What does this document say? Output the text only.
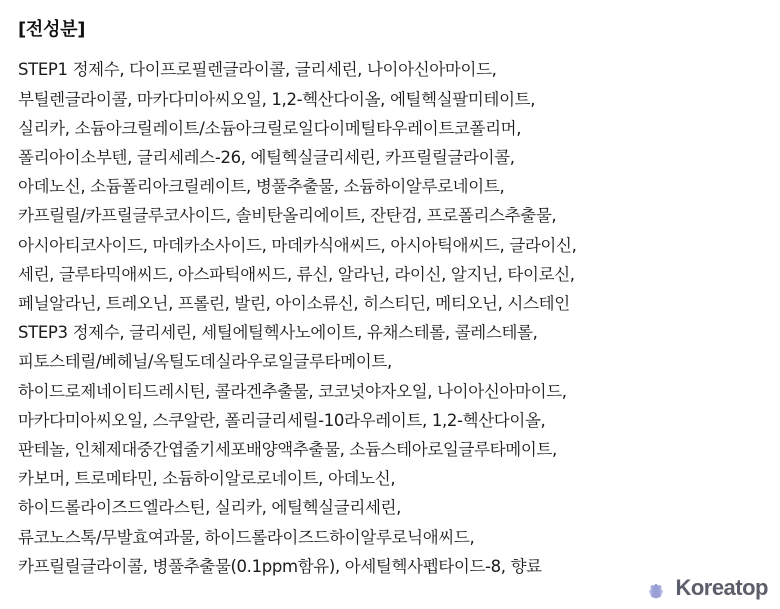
[전성분]
STEP1 정제수, 다이프로필렌글라이콜, 글리세린, 나이아신아마이드,
부틸렌글라이콜, 마카다미아씨오일, 1,2-헥산다이올, 에틸헥실팔미테이트,
실리카, 소듐아크릴레이트/소듐아크릴로일다이메틸타우레이트코폴리머,
폴리아이소부텐, 글리세레스-26, 에틸헥실글리세린, 카프릴릴글라이콜,
아데노신, 소듐폴리아크릴레이트, 병풀추출물, 소듐하이알루로네이트,
카프릴릴/카프릴글루코사이드, 솔비탄올리에이트, 잔탄검, 프로폴리스추출물,
아시아티코사이드, 마데카소사이드, 마데카식애씨드, 아시아틱애씨드, 글라이신,
세린, 글루타믹애씨드, 아스파틱애씨드, 류신, 알라닌, 라이신, 알지닌, 타이로신,
페닐알라닌, 트레오닌, 프롤린, 발린, 아이소류신, 히스티딘, 메티오닌, 시스테인
STEP3 정제수, 글리세린, 세틸에틸헥사노에이트, 유채스테롤, 콜레스테롤,
피토스테릴/베헤닐/옥틸도데실라우로일글루타메이트,
하이드로제네이티드레시틴, 콜라겐추출물, 코코넛야자오일, 나이아신아마이드,
마카다미아씨오일, 스쿠알란, 폴리글리세릴-10라우레이트, 1,2-헥산다이올,
판테놀, 인체제대중간엽줄기세포배양액추출물, 소듐스테아로일글루타메이트,
카보머, 트로메타민, 소듐하이알로로네이트, 아데노신,
하이드롤라이즈드엘라스틴, 실리카, 에틸헥실글리세린,
류코노스톡/무발효여과물, 하이드롤라이즈드하이알루로닉애씨드,
카프릴릴글라이콜, 병풀추출물(0.1ppm함유), 아세틸헥사펩타이드-8, 향료
Koreatop
